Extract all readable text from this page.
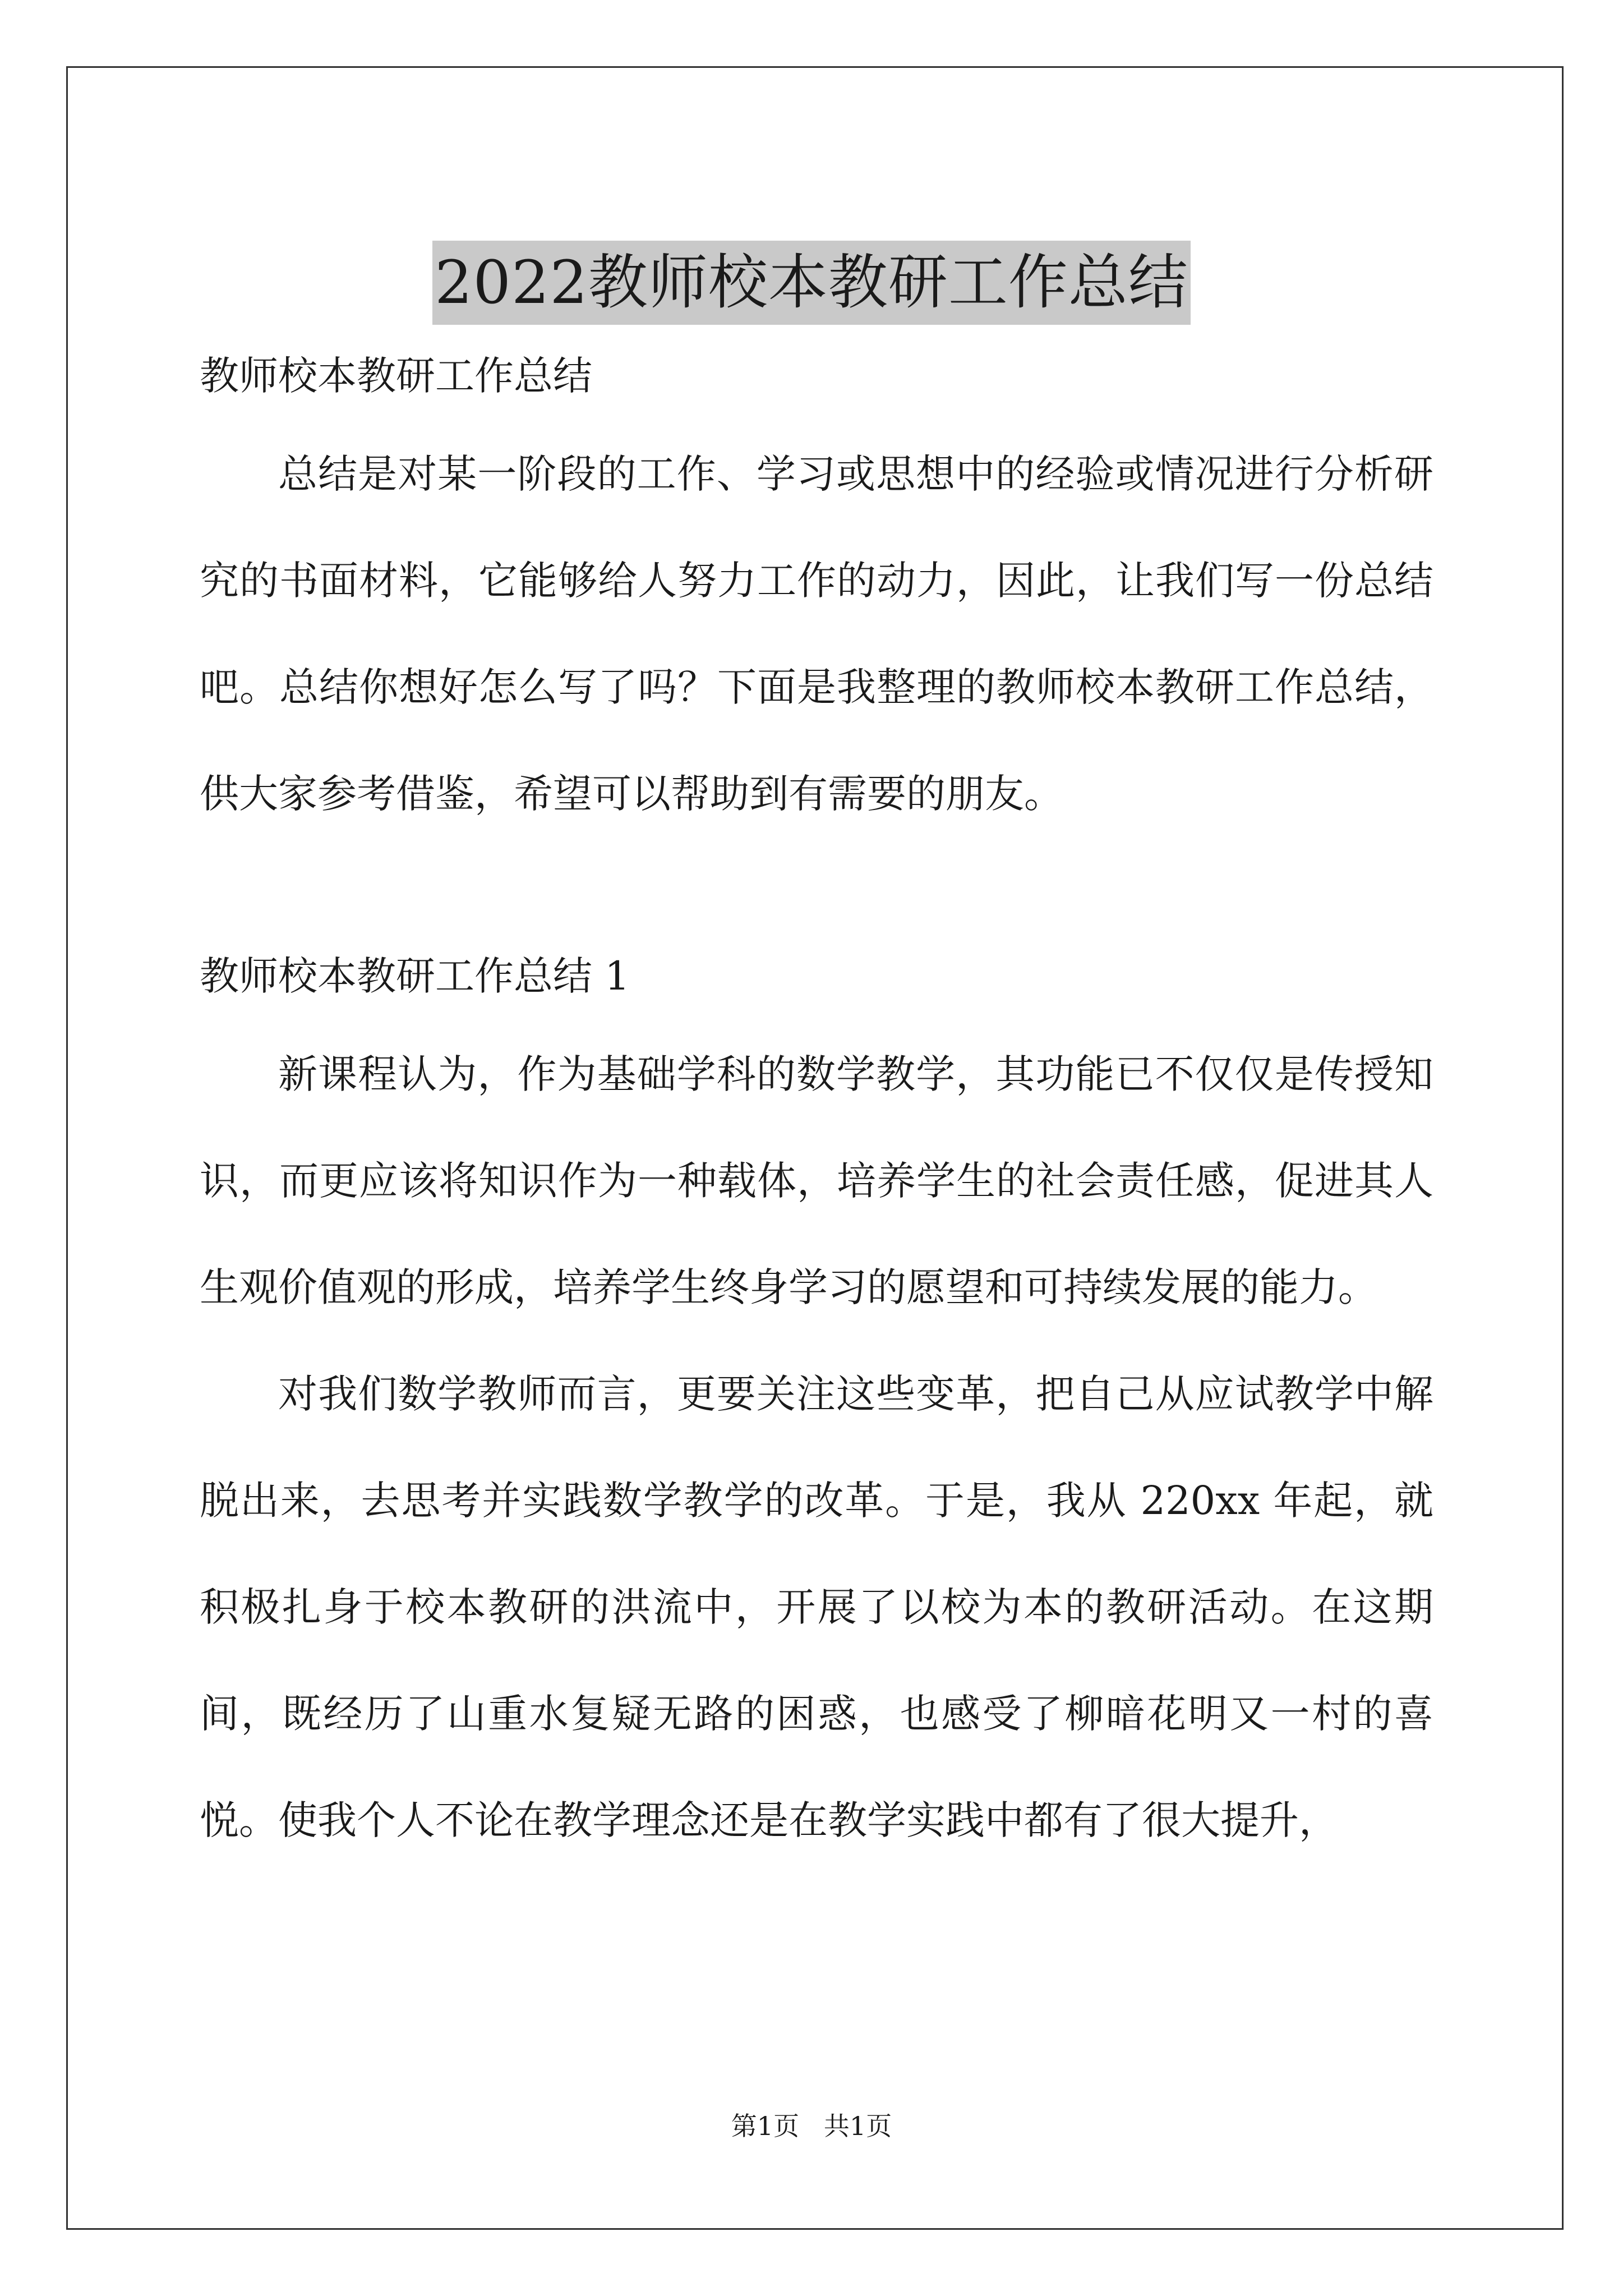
2022教师校本教研工作总结

教师校本教研工作总结

总结是对某一阶段的工作、学习或思想中的经验或情况进行分析研究的书面材料，它能够给人努力工作的动力，因此，让我们写一份总结吧。总结你想好怎么写了吗？下面是我整理的教师校本教研工作总结，供大家参考借鉴，希望可以帮助到有需要的朋友。

教师校本教研工作总结 1

新课程认为，作为基础学科的数学教学，其功能已不仅仅是传授知识，而更应该将知识作为一种载体，培养学生的社会责任感，促进其人生观价值观的形成，培养学生终身学习的愿望和可持续发展的能力。

对我们数学教师而言，更要关注这些变革，把自己从应试教学中解脱出来，去思考并实践数学教学的改革。于是，我从 220xx 年起，就积极扎身于校本教研的洪流中，开展了以校为本的教研活动。在这期间，既经历了山重水复疑无路的困惑，也感受了柳暗花明又一村的喜悦。使我个人不论在教学理念还是在教学实践中都有了很大提升，

第1页   共1页
